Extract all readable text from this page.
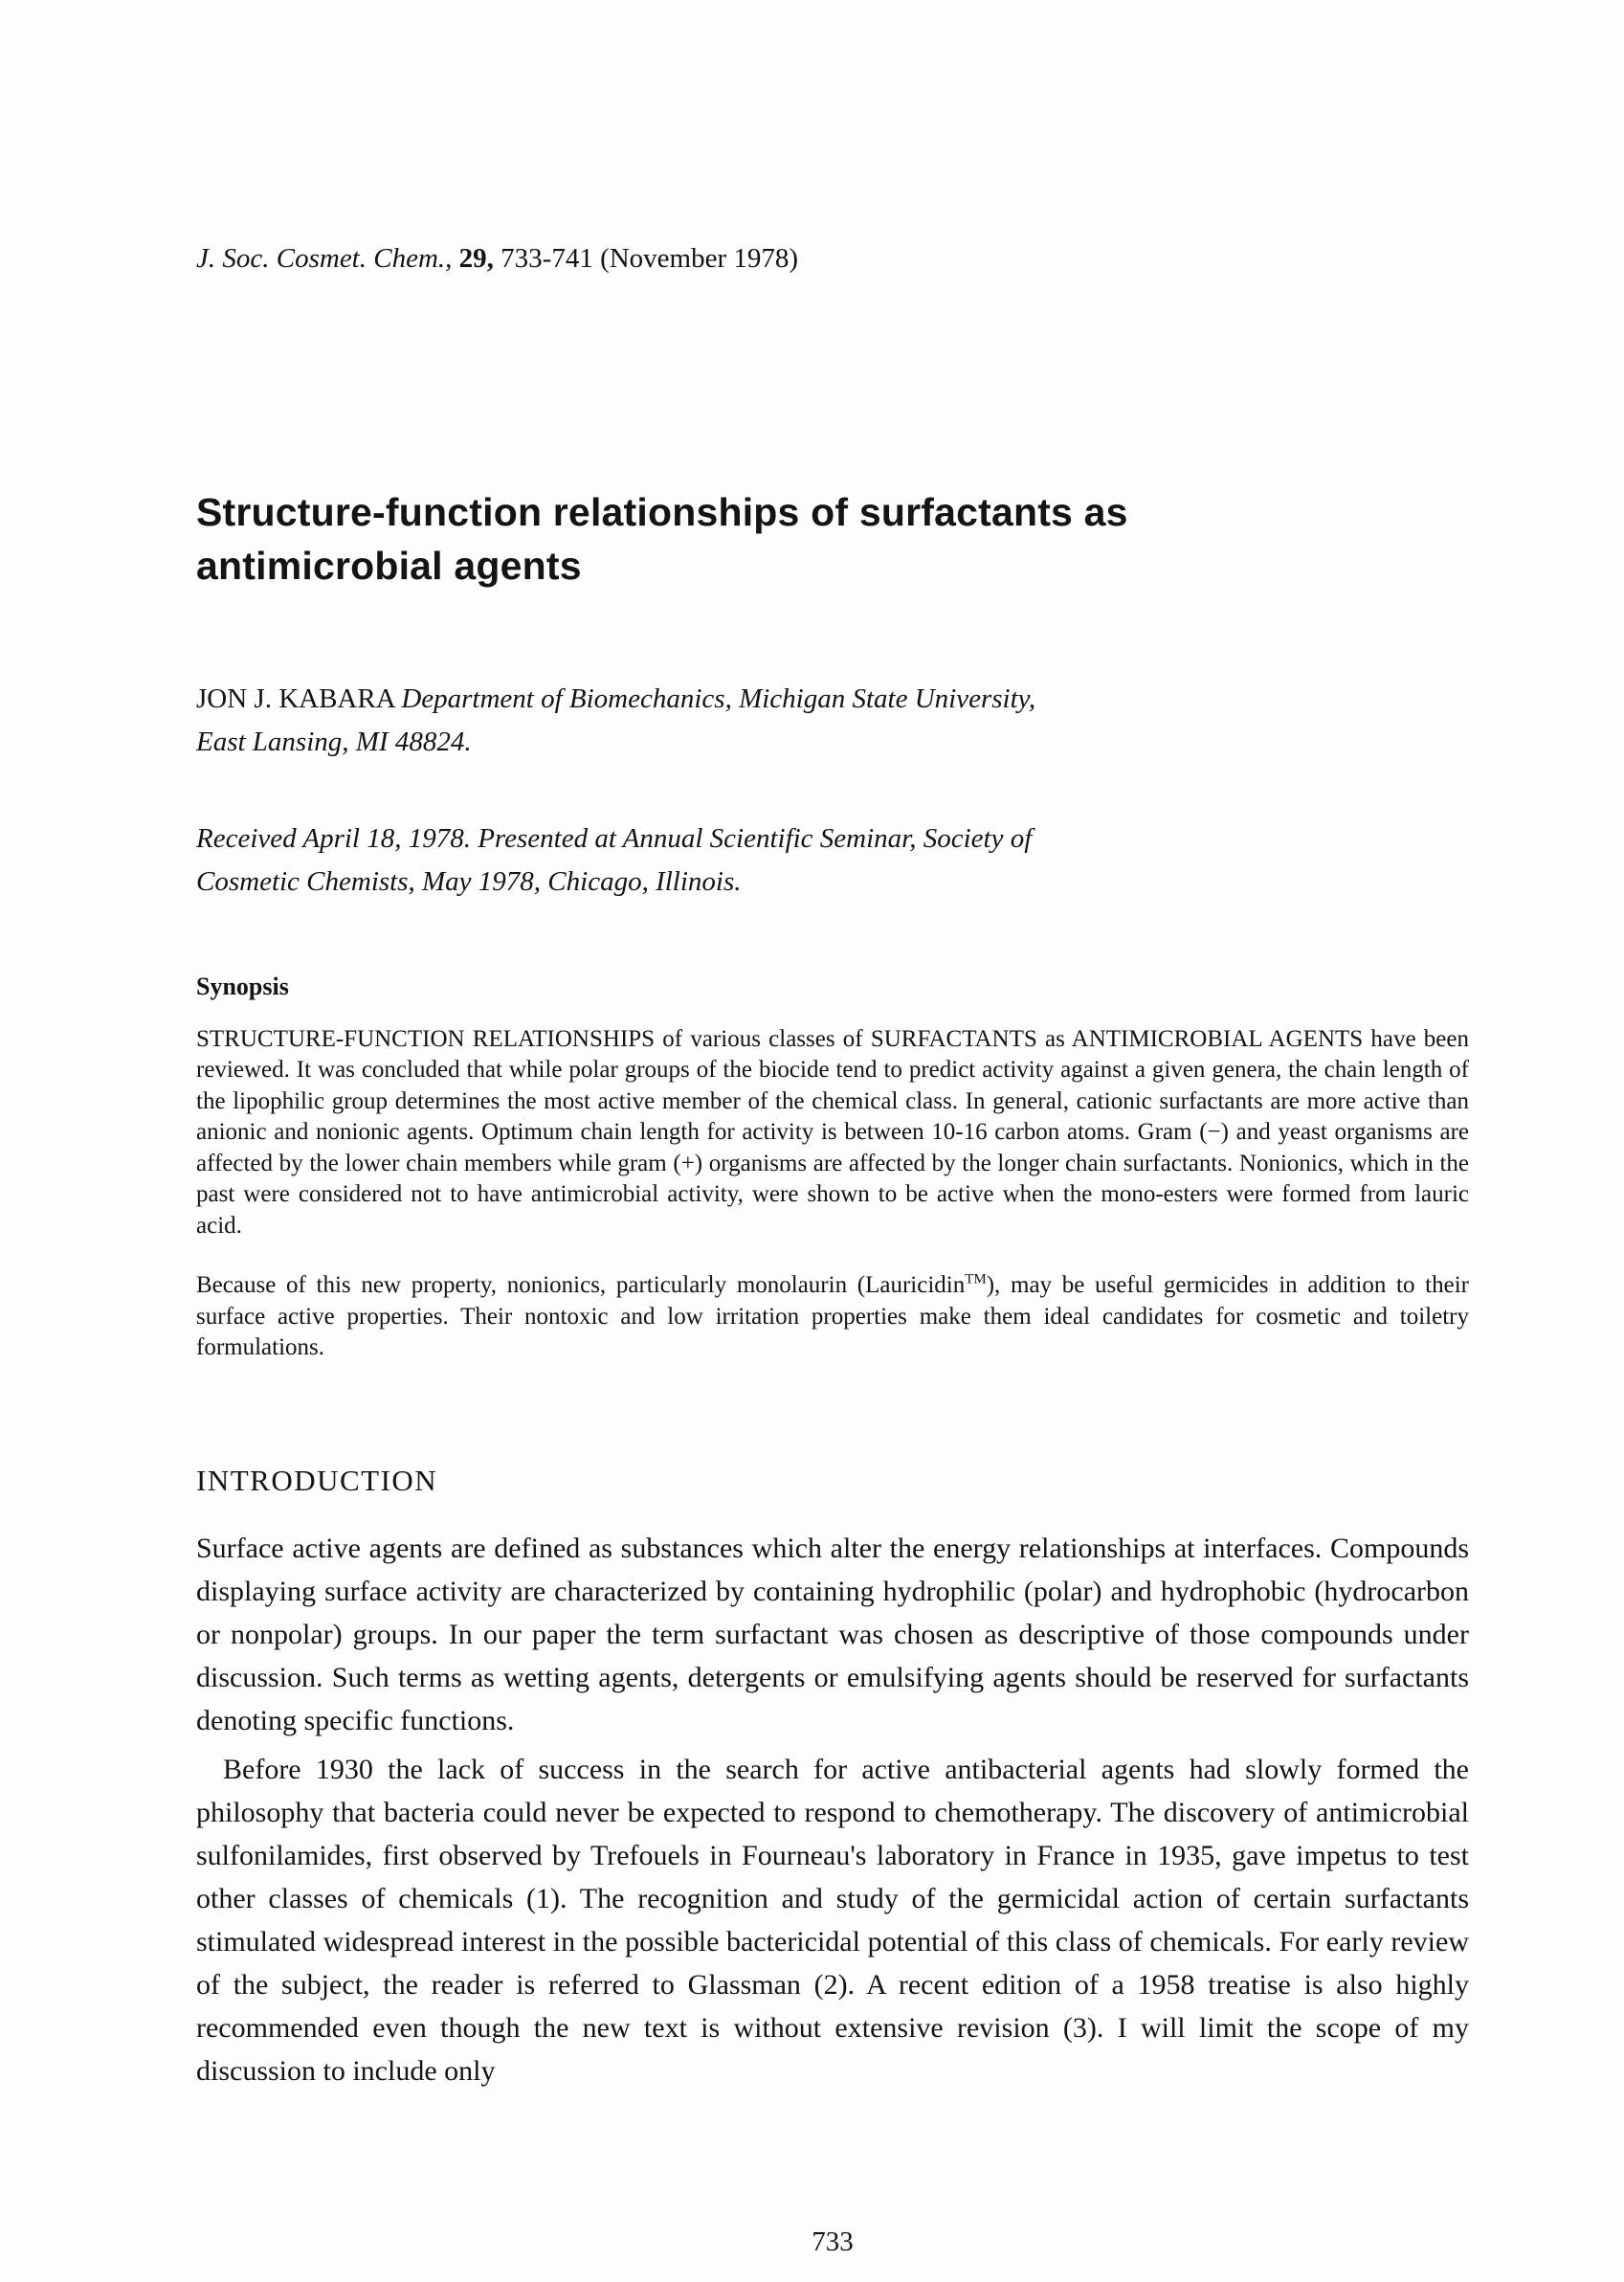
J. Soc. Cosmet. Chem., 29, 733-741 (November 1978)

Structure-function relationships of surfactants as antimicrobial agents

JON J. KABARA Department of Biomechanics, Michigan State University, East Lansing, MI 48824.

Received April 18, 1978. Presented at Annual Scientific Seminar, Society of Cosmetic Chemists, May 1978, Chicago, Illinois.

Synopsis

STRUCTURE-FUNCTION RELATIONSHIPS of various classes of SURFACTANTS as ANTIMICROBIAL AGENTS have been reviewed. It was concluded that while polar groups of the biocide tend to predict activity against a given genera, the chain length of the lipophilic group determines the most active member of the chemical class. In general, cationic surfactants are more active than anionic and nonionic agents. Optimum chain length for activity is between 10-16 carbon atoms. Gram (−) and yeast organisms are affected by the lower chain members while gram (+) organisms are affected by the longer chain surfactants. Nonionics, which in the past were considered not to have antimicrobial activity, were shown to be active when the mono-esters were formed from lauric acid.

Because of this new property, nonionics, particularly monolaurin (Lauricidin™), may be useful germicides in addition to their surface active properties. Their nontoxic and low irritation properties make them ideal candidates for cosmetic and toiletry formulations.

INTRODUCTION

Surface active agents are defined as substances which alter the energy relationships at interfaces. Compounds displaying surface activity are characterized by containing hydrophilic (polar) and hydrophobic (hydrocarbon or nonpolar) groups. In our paper the term surfactant was chosen as descriptive of those compounds under discussion. Such terms as wetting agents, detergents or emulsifying agents should be reserved for surfactants denoting specific functions.

Before 1930 the lack of success in the search for active antibacterial agents had slowly formed the philosophy that bacteria could never be expected to respond to chemotherapy. The discovery of antimicrobial sulfonilamides, first observed by Trefouels in Fourneau's laboratory in France in 1935, gave impetus to test other classes of chemicals (1). The recognition and study of the germicidal action of certain surfactants stimulated widespread interest in the possible bactericidal potential of this class of chemicals. For early review of the subject, the reader is referred to Glassman (2). A recent edition of a 1958 treatise is also highly recommended even though the new text is without extensive revision (3). I will limit the scope of my discussion to include only

733
